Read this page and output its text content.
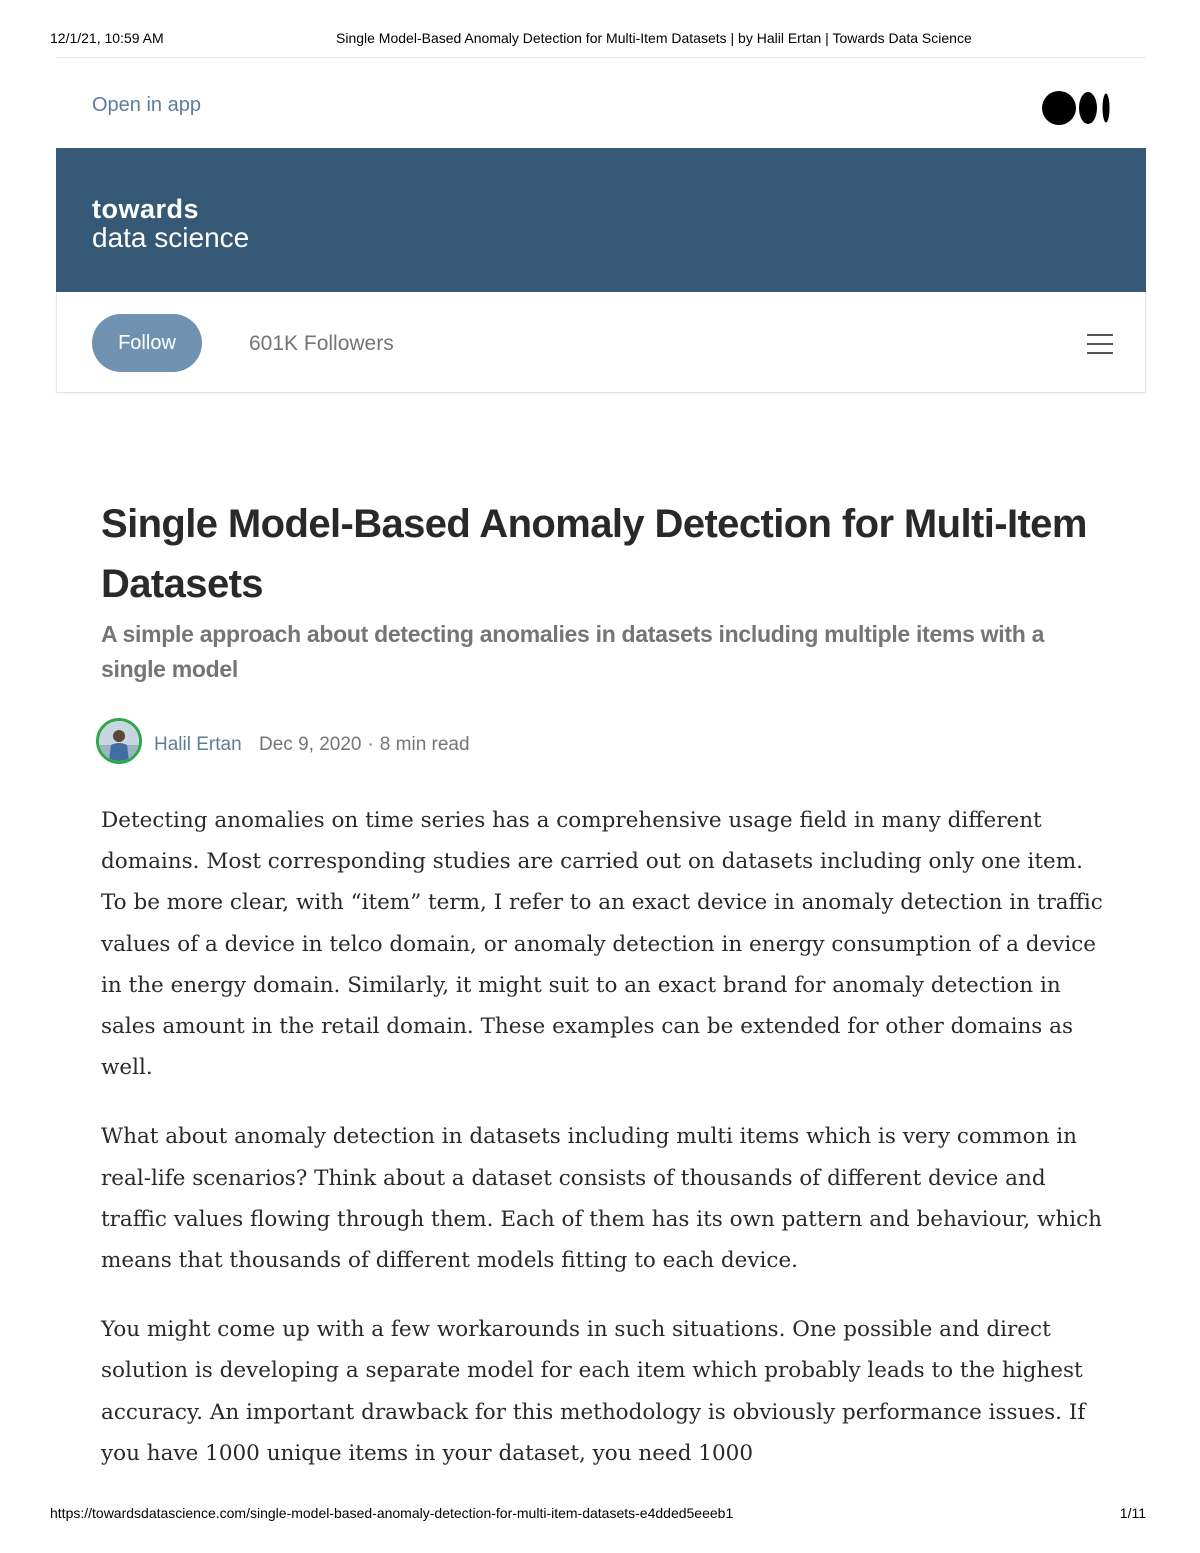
12/1/21, 10:59 AM	Single Model-Based Anomaly Detection for Multi-Item Datasets | by Halil Ertan | Towards Data Science
Open in app
towards
data science
Follow	601K Followers
Single Model-Based Anomaly Detection for Multi-Item Datasets
A simple approach about detecting anomalies in datasets including multiple items with a single model
Halil Ertan Dec 9, 2020 · 8 min read

Detecting anomalies on time series has a comprehensive usage field in many different domains. Most corresponding studies are carried out on datasets including only one item. To be more clear, with “item” term, I refer to an exact device in anomaly detection in traffic values of a device in telco domain, or anomaly detection in energy consumption of a device in the energy domain. Similarly, it might suit to an exact brand for anomaly detection in sales amount in the retail domain. These examples can be extended for other domains as well.

What about anomaly detection in datasets including multi items which is very common in real-life scenarios? Think about a dataset consists of thousands of different device and traffic values flowing through them. Each of them has its own pattern and behaviour, which means that thousands of different models fitting to each device.

You might come up with a few workarounds in such situations. One possible and direct solution is developing a separate model for each item which probably leads to the highest accuracy. An important drawback for this methodology is obviously performance issues. If you have 1000 unique items in your dataset, you need 1000

https://towardsdatascience.com/single-model-based-anomaly-detection-for-multi-item-datasets-e4dded5eeeb1	1/11
